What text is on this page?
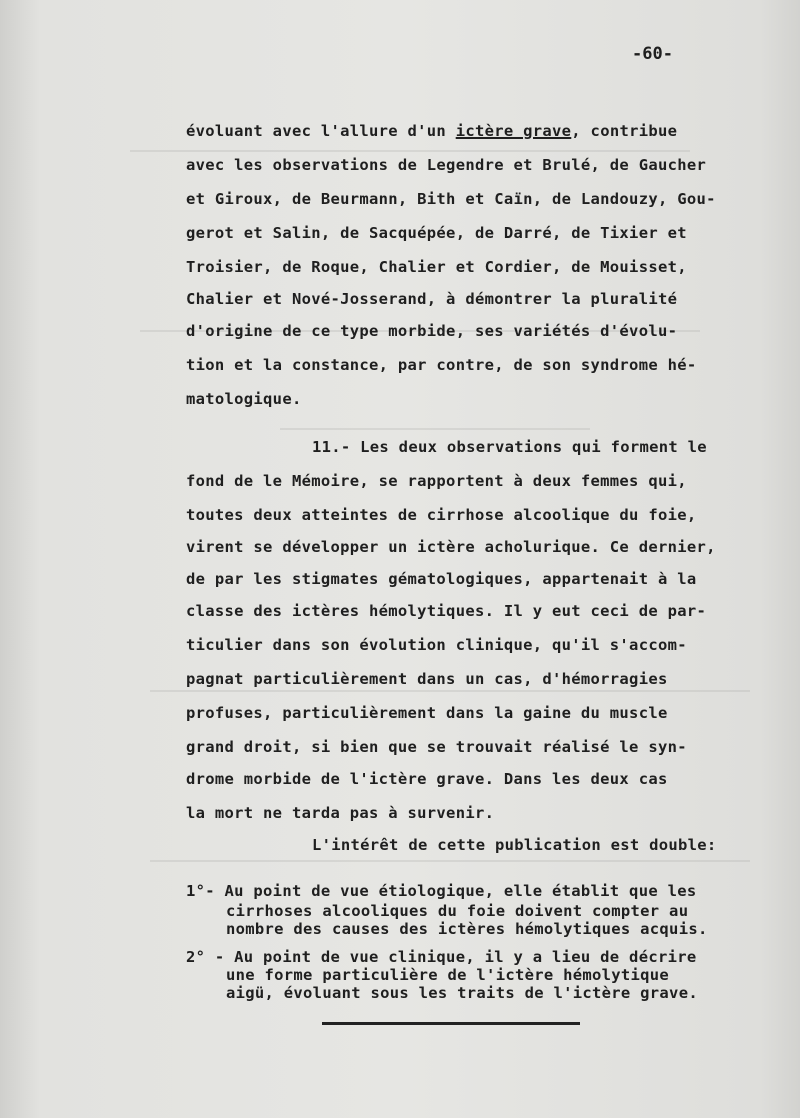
-60-
évoluant avec l'allure d'un ictère grave, contribue
avec les observations de Legendre et Brulé, de Gaucher
et Giroux, de Beurmann, Bith et Caïn, de Landouzy, Gou-
gerot et Salin, de Sacquépée, de Darré, de Tixier et
Troisier, de Roque, Chalier et Cordier, de Mouisset,
Chalier et Nové-Josserand, à démontrer la pluralité
d'origine de ce type morbide, ses variétés d'évolu-
tion et la constance, par contre, de son syndrome hé-
matologique.
11.- Les deux observations qui forment le
fond de le Mémoire, se rapportent à deux femmes qui,
toutes deux atteintes de cirrhose alcoolique du foie,
virent se développer un ictère acholurique. Ce dernier,
de par les stigmates gématologiques, appartenait à la
classe des ictères hémolytiques. Il y eut ceci de par-
ticulier dans son évolution clinique, qu'il s'accom-
pagnat particulièrement dans un cas, d'hémorragies
profuses, particulièrement dans la gaine du muscle
grand droit, si bien que se trouvait réalisé le syn-
drome morbide de l'ictère grave. Dans les deux cas
la mort ne tarda pas à survenir.
L'intérêt de cette publication est double:
1°- Au point de vue étiologique, elle établit que les
cirrhoses alcooliques du foie doivent compter au
nombre des causes des ictères hémolytiques acquis.
2° - Au point de vue clinique, il y a lieu de décrire
une forme particulière de l'ictère hémolytique
aigü, évoluant sous les traits de l'ictère grave.
